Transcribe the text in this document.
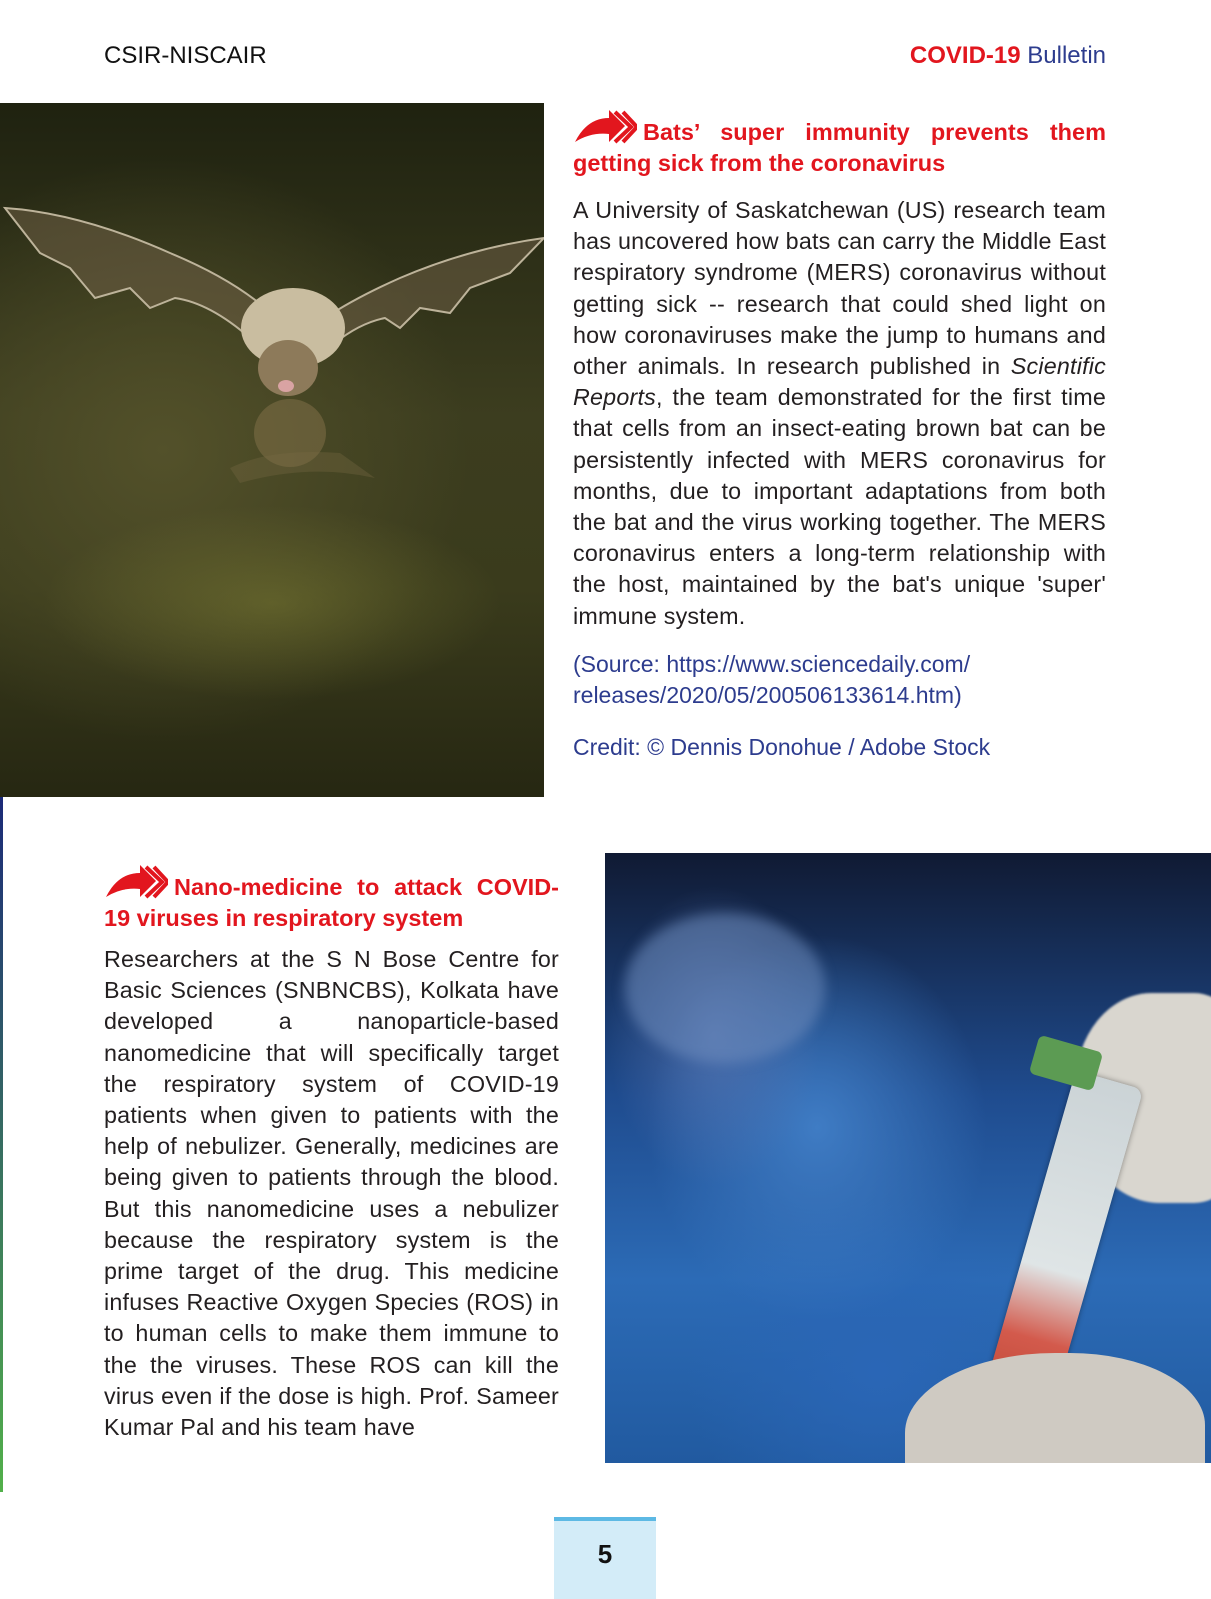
CSIR-NISCAIR	COVID-19 Bulletin

Bats’ super immunity prevents them getting sick from the coronavirus

A University of Saskatchewan (US) research team has uncovered how bats can carry the Middle East respiratory syndrome (MERS) coronavirus without getting sick -- research that could shed light on how coronaviruses make the jump to humans and other animals. In research published in Scientific Reports, the team demonstrated for the first time that cells from an insect-eating brown bat can be persistently infected with MERS coronavirus for months, due to important adaptations from both the bat and the virus working together. The MERS coronavirus enters a long-term relationship with the host, maintained by the bat's unique 'super' immune system.

(Source: https://www.sciencedaily.com/
releases/2020/05/200506133614.htm)

Credit: © Dennis Donohue / Adobe Stock

Nano-medicine to attack COVID-19 viruses in respiratory system

Researchers at the S N Bose Centre for Basic Sciences (SNBNCBS), Kolkata have developed a nanoparticle-based nanomedicine that will specifically target the respiratory system of COVID-19 patients when given to patients with the help of nebulizer. Generally, medicines are being given to patients through the blood. But this nanomedicine uses a nebulizer because the respiratory system is the prime target of the drug. This medicine infuses Reactive Oxygen Species (ROS) in to human cells to make them immune to the the viruses. These ROS can kill the virus even if the dose is high. Prof. Sameer Kumar Pal and his team have

5
